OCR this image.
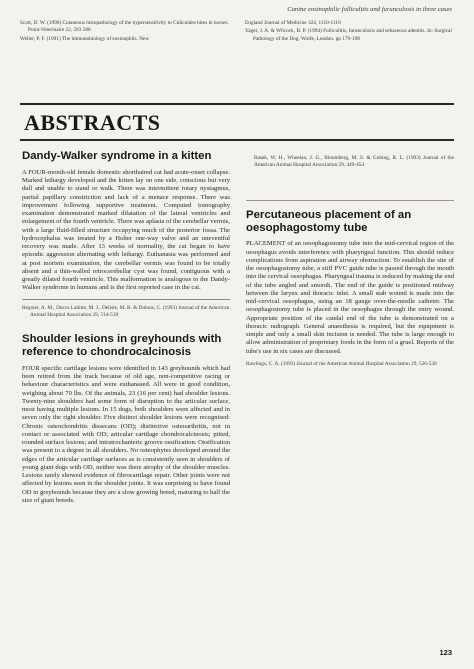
Canine eosinophilic folliculitis and furunculosis in three cases

Scott, D. W. (1990) Cutaneous histopathology of the hypersensitivity to Culicoides bites in horses. Point-Veterinaire 22, 583 588

Weller, P. F. (1991) The immunobiology of eosinophils. New

England Journal of Medicine 324, 1110-1118

Yager, J. A. & Wilcock, B. P. (1994) Folliculitis, furunculosis and sebaceous adenitis. In: Surgical Pathology of the Dog. Wolfe, London. pp 179-198

ABSTRACTS
Dandy-Walker syndrome in a kitten

A FOUR-month-old female domestic shorthaired cat had acute-onset collapse. Marked lethargy developed and the kitten lay on one side, conscious but very dull and unable to stand or walk. There was intermittent rotary nystagmus, partial papillary constriction and lack of a menace response. There was improvement following supportive treatment. Computed tomography examination demonstrated marked dilatation of the lateral ventricles and enlargement of the fourth ventricle. There was aplasia of the cerebellar vermis, with a large fluid-filled structure occupying much of the posterior fossa. The hydrocephalus was treated by a Holter one-way valve and an uneventful recovery was made. After 13 weeks of normality, the cat began to have episodic aggression alternating with lethargy. Euthanasia was performed and at post mortem examination, the cerebellar vermis was found to be totally absent and a thin-walled retrocerebellar cyst was found, contiguous with a greatly dilated fourth ventricle. This malformation is analogous to the Dandy-Walker syndrome in humans and is the first reported case in the cat.

Regnier, A. M., Ducos Lahitte, M. J., Delisle, M. B. & Dubois, C. (1993) Journal of the American Animal Hospital Association 29, 514-518

Shoulder lesions in greyhounds with reference to chondrocalcinosis

FOUR specific cartilage lesions were identified in 143 greyhounds which had been retired from the track because of old age, non-competitive racing or behaviour characteristics and were euthanased. All were in good condition, weighing about 70 lbs. Of the animals, 23 (16 per cent) had shoulder lesions. Twenty-nine shoulders had some form of disruption to the articular surface, most having multiple lesions. In 15 dogs, both shoulders were affected and in seven only the right shoulder. Five distinct shoulder lesions were recognised: Chronic osteochondritis dissecans (OD); distinctive osteoarthritis, not in contact or associated with OD; articular cartilage chondrocalcinosis; pitted, rounded surface lesions; and intratrochanteric groove ossification. Ossification was present to a degree in all shoulders. No osteophytes developed around the edges of the articular cartilage surfaces as is consistently seen in shoulders of young giant dogs with OD, neither was there atrophy of the shoulder muscles. Lesions rarely showed evidence of fibrocartilage repair. Other joints were not affected by lesions seen in the shoulder joints. It was surprising to have found OD in greyhounds because they are a slow growing breed, maturing to half the size of giant breeds.

Rasek, W. H., Wheelan, J. G., Bloomberg, M. S. & Gobing, R. L. (1993) Journal of the American Animal Hospital Association 29, 449-454

Percutaneous placement of an oesophagostomy tube

PLACEMENT of an oesophagostomy tube into the mid-cervical region of the oesophagus avoids interference with pharyngeal function. This should reduce complications from aspiration and airway obstruction. To establish the site of the oesophagostomy tube, a stiff PVC guide tube is passed through the mouth into the cervical oesophagus. Pharyngeal trauma is reduced by making the end of the tube angled and smooth. The end of the guide is positioned midway between the larynx and thoracic inlet. A small stab wound is made into the mid-cervical oesophagus, using an 18 gauge over-the-needle catheter. The oesophagostomy tube is placed in the oesophagus through the entry wound. Appropriate position of the caudal end of the tube is demonstrated on a thoracic radiograph. General anaesthesia is required, but the equipment is simple and only a small skin incision is needed. The tube is large enough to allow administration of proprietary foods in the form of a gruel. Reports of the tube's use in six cases are discussed.

Rawlings, C. A. (1993) Journal of the American Animal Hospital Association 29, 526-530

123
